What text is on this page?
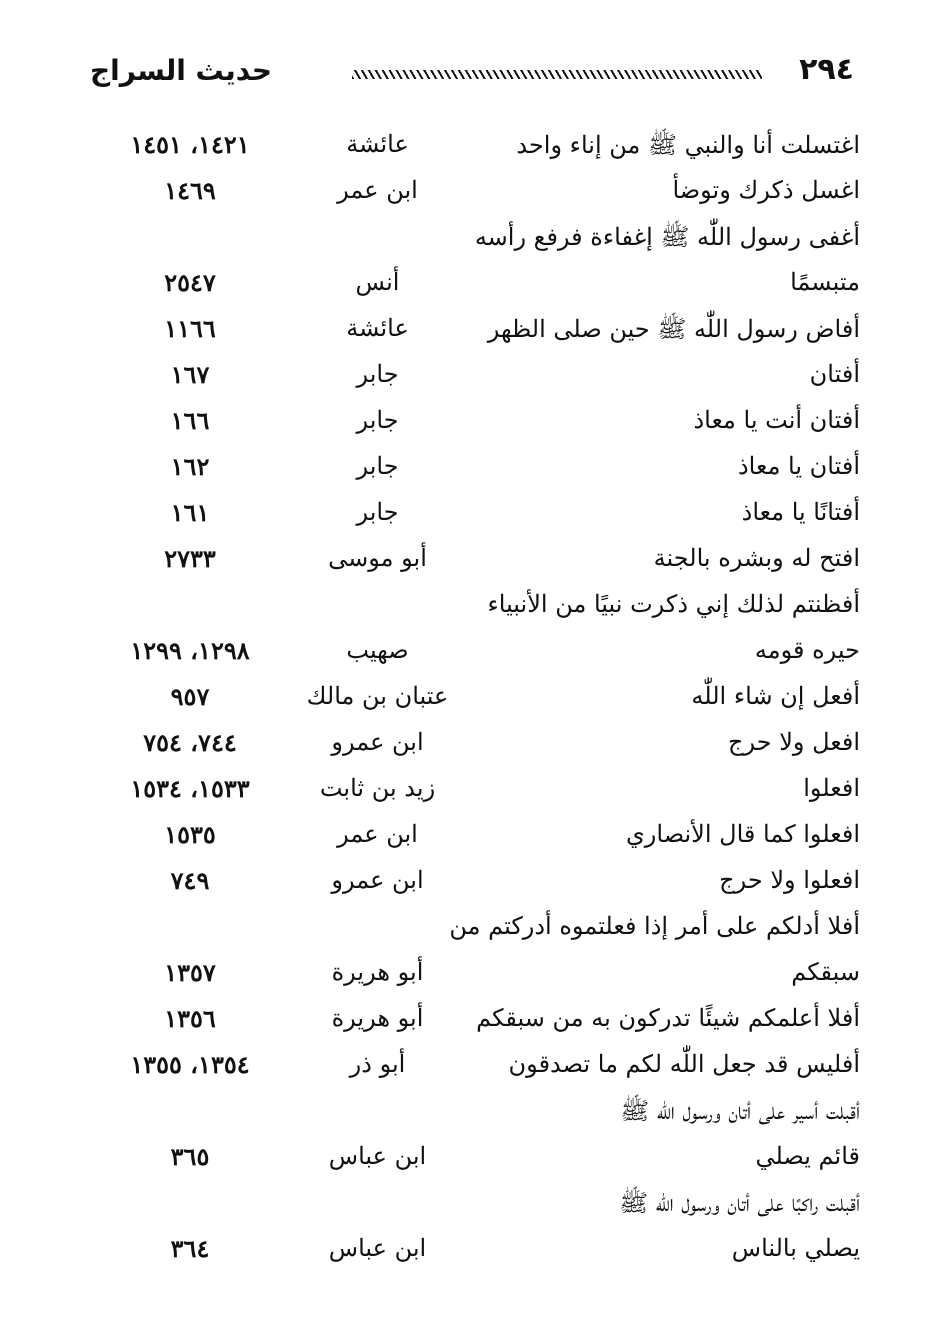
حديث السراج	٢٩٤
اغتسلت أنا والنبي ﷺ من إناء واحد
عائشة
١٤٢١، ١٤٥١
اغسل ذكرك وتوضأ
ابن عمر
١٤٦٩
أغفى رسول اللّٰه ﷺ إغفاءة فرفع رأسه
متبسمًا
أنس
٢٥٤٧
أفاض رسول اللّٰه ﷺ حين صلى الظهر
عائشة
١١٦٦
أفتان
جابر
١٦٧
أفتان أنت يا معاذ
جابر
١٦٦
أفتان يا معاذ
جابر
١٦٢
أفتانًا يا معاذ
جابر
١٦١
افتح له وبشره بالجنة
أبو موسى
٢٧٣٣
أفظنتم لذلك إني ذكرت نبيًا من الأنبياء
حيره قومه
صهيب
١٢٩٨، ١٢٩٩
أفعل إن شاء اللّٰه
عتبان بن مالك
٩٥٧
افعل ولا حرج
ابن عمرو
٧٤٤، ٧٥٤
افعلوا
زيد بن ثابت
١٥٣٣، ١٥٣٤
افعلوا كما قال الأنصاري
ابن عمر
١٥٣٥
افعلوا ولا حرج
ابن عمرو
٧٤٩
أفلا أدلكم على أمر إذا فعلتموه أدركتم من
سبقكم
أبو هريرة
١٣٥٧
أفلا أعلمكم شيئًا تدركون به من سبقكم
أبو هريرة
١٣٥٦
أفليس قد جعل اللّٰه لكم ما تصدقون
أبو ذر
١٣٥٤، ١٣٥٥
أقبلت أسير على أتان ورسول اللّٰه ﷺ
قائم يصلي
ابن عباس
٣٦٥
أقبلت راكبًا على أتان ورسول اللّٰه ﷺ
يصلي بالناس
ابن عباس
٣٦٤
